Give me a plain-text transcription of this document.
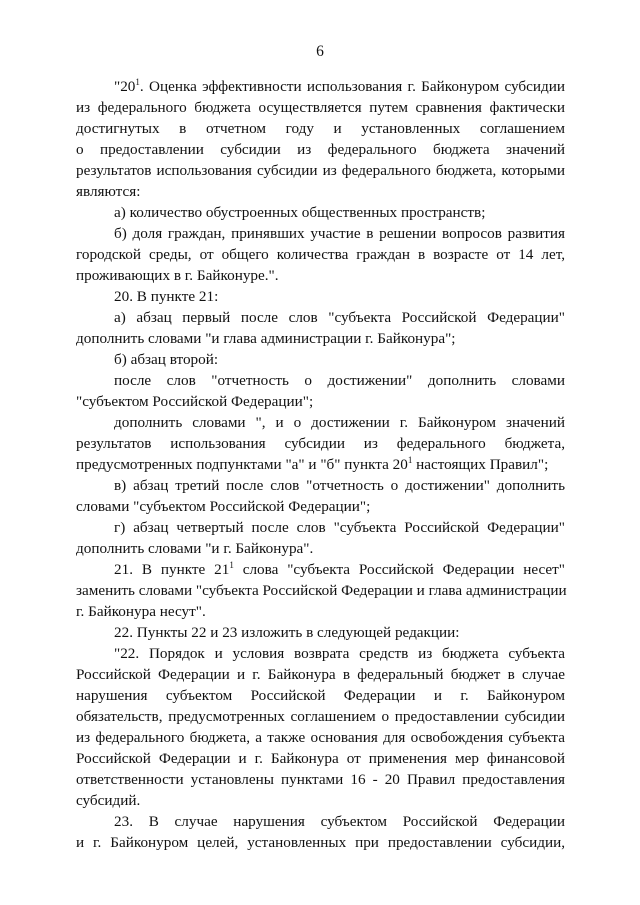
6
"$20^1$. Оценка эффективности использования г. Байконуром субсидии
из федерального бюджета осуществляется путем сравнения фактически
достигнутых в отчетном году и установленных соглашением
о предоставлении субсидии из федерального бюджета значений
результатов использования субсидии из федерального бюджета, которыми
являются:
а) количество обустроенных общественных пространств;
б) доля граждан, принявших участие в решении вопросов развития
городской среды, от общего количества граждан в возрасте от 14 лет,
проживающих в г. Байконуре.".
20. В пункте 21:
а) абзац первый после слов "субъекта Российской Федерации"
дополнить словами "и глава администрации г. Байконура";
б) абзац второй:
после слов "отчетность о достижении" дополнить словами
"субъектом Российской Федерации";
дополнить словами ", и о достижении г. Байконуром значений
результатов использования субсидии из федерального бюджета,
предусмотренных подпунктами "а" и "б" пункта $20^1$ настоящих Правил";
в) абзац третий после слов "отчетность о достижении" дополнить
словами "субъектом Российской Федерации";
г) абзац четвертый после слов "субъекта Российской Федерации"
дополнить словами "и г. Байконура".
21. В пункте $21^1$ слова "субъекта Российской Федерации несет"
заменить словами "субъекта Российской Федерации и глава администрации
г. Байконура несут".
22. Пункты 22 и 23 изложить в следующей редакции:
"22. Порядок и условия возврата средств из бюджета субъекта
Российской Федерации и г. Байконура в федеральный бюджет в случае
нарушения субъектом Российской Федерации и г. Байконуром
обязательств, предусмотренных соглашением о предоставлении субсидии
из федерального бюджета, а также основания для освобождения субъекта
Российской Федерации и г. Байконура от применения мер финансовой
ответственности установлены пунктами 16 - 20 Правил предоставления
субсидий.
23. В случае нарушения субъектом Российской Федерации
и г. Байконуром целей, установленных при предоставлении субсидии,
